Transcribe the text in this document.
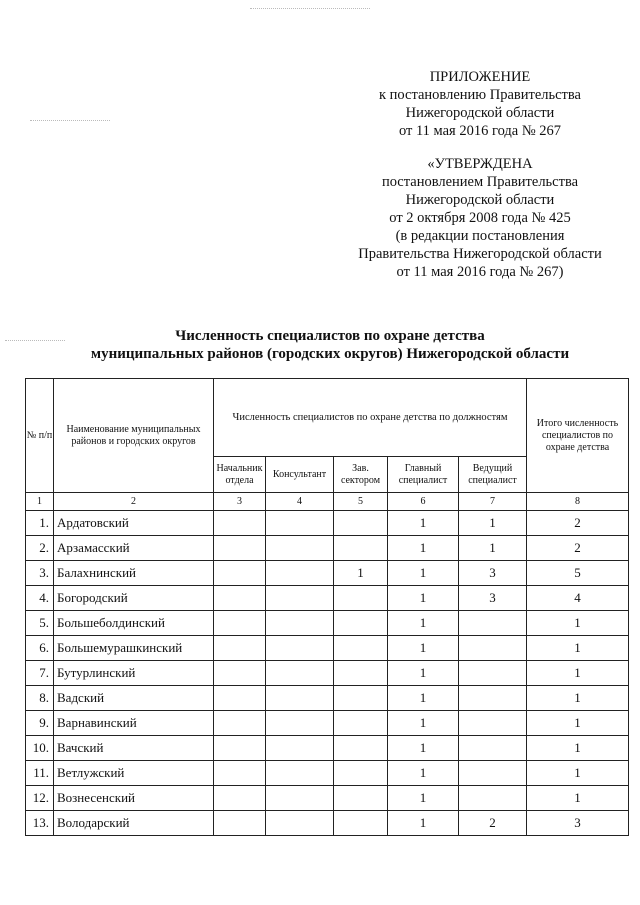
ПРИЛОЖЕНИЕ
к постановлению Правительства
Нижегородской области
от 11 мая 2016 года № 267
«УТВЕРЖДЕНА
постановлением Правительства
Нижегородской области
от 2 октября 2008 года № 425
(в редакции постановления
Правительства Нижегородской области
от 11 мая 2016 года № 267)
Численность специалистов по охране детства
муниципальных районов (городских округов) Нижегородской области
№ п/п	Наименование муниципальных районов и городских округов	Численность специалистов по охране детства по должностям					Итого численность специалистов по охране детства
		Начальник отдела	Консультант	Зав. сектором	Главный специалист	Ведущий специалист	
1	2	3	4	5	6	7	8
1.	Ардатовский				1	1	2
2.	Арзамасский				1	1	2
3.	Балахнинский			1	1	3	5
4.	Богородский				1	3	4
5.	Большеболдинский				1		1
6.	Большемурашкинский				1		1
7.	Бутурлинский				1		1
8.	Вадский				1		1
9.	Варнавинский				1		1
10.	Вачский				1		1
11.	Ветлужский				1		1
12.	Вознесенский				1		1
13.	Володарский				1	2	3
